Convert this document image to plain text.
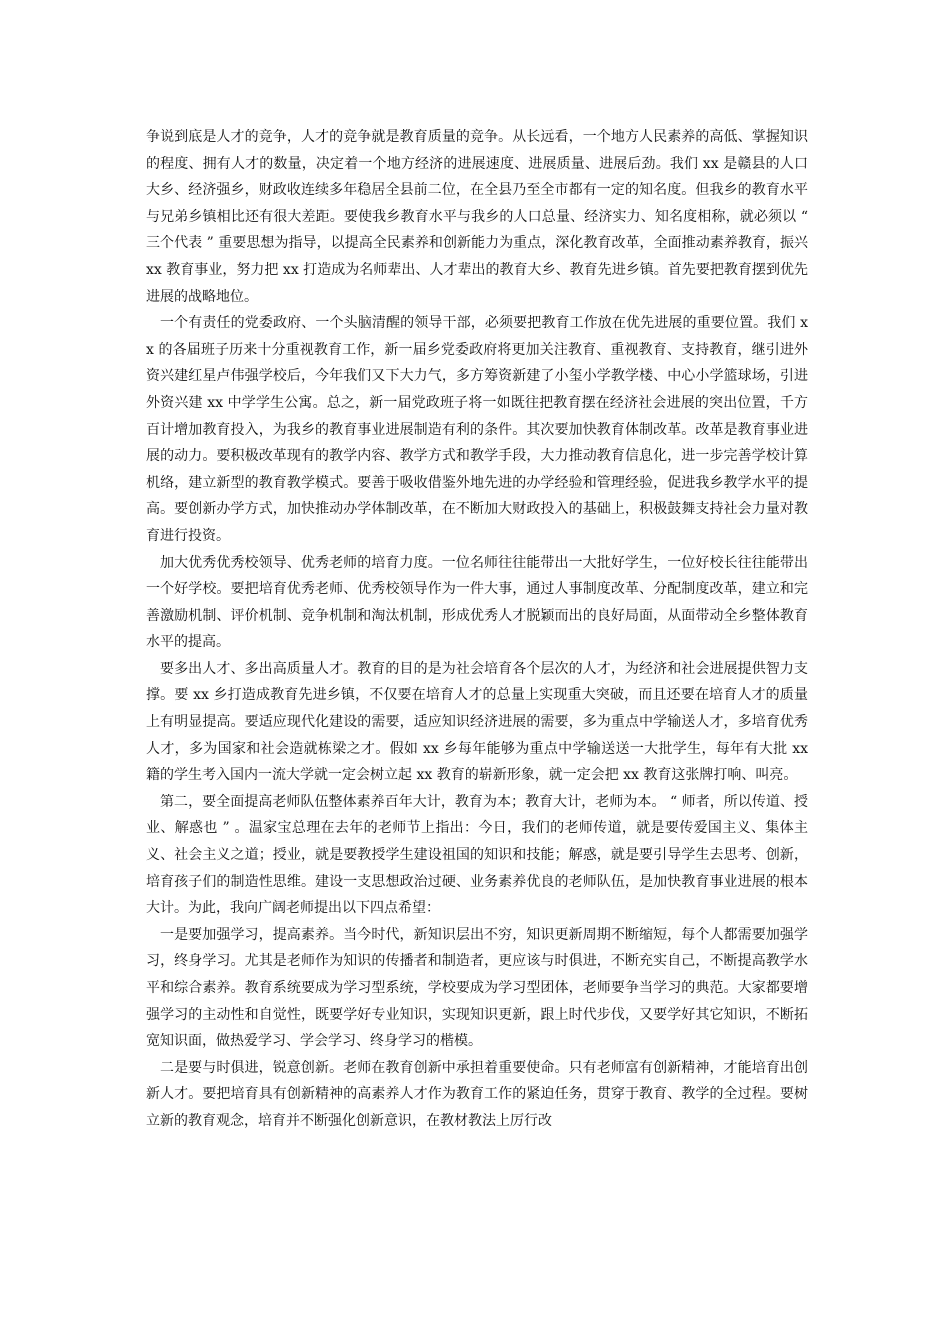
争说到底是人才的竞争，人才的竞争就是教育质量的竞争。从长远看，一个地方人民素养的高低、掌握知识的程度、拥有人才的数量，决定着一个地方经济的进展速度、进展质量、进展后劲。我们 xx 是赣县的人口大乡、经济强乡，财政收连续多年稳居全县前二位，在全县乃至全市都有一定的知名度。但我乡的教育水平与兄弟乡镇相比还有很大差距。要使我乡教育水平与我乡的人口总量、经济实力、知名度相称，就必须以 “ 三个代表 ” 重要思想为指导，以提高全民素养和创新能力为重点，深化教育改革，全面推动素养教育，振兴 xx 教育事业，努力把 xx 打造成为名师辈出、人才辈出的教育大乡、教育先进乡镇。首先要把教育摆到优先进展的战略地位。

一个有责任的党委政府、一个头脑清醒的领导干部，必须要把教育工作放在优先进展的重要位置。我们 xx 的各届班子历来十分重视教育工作，新一届乡党委政府将更加关注教育、重视教育、支持教育，继引进外资兴建红星卢伟强学校后，今年我们又下大力气，多方筹资新建了小玺小学教学楼、中心小学篮球场，引进外资兴建 xx 中学学生公寓。总之，新一届党政班子将一如既往把教育摆在经济社会进展的突出位置，千方百计增加教育投入，为我乡的教育事业进展制造有利的条件。其次要加快教育体制改革。改革是教育事业进展的动力。要积极改革现有的教学内容、教学方式和教学手段，大力推动教育信息化，进一步完善学校计算机络，建立新型的教育教学模式。要善于吸收借鉴外地先进的办学经验和管理经验，促进我乡教学水平的提高。要创新办学方式，加快推动办学体制改革，在不断加大财政投入的基础上，积极鼓舞支持社会力量对教育进行投资。

加大优秀优秀校领导、优秀老师的培育力度。一位名师往往能带出一大批好学生，一位好校长往往能带出一个好学校。要把培育优秀老师、优秀校领导作为一件大事，通过人事制度改革、分配制度改革，建立和完善激励机制、评价机制、竞争机制和淘汰机制，形成优秀人才脱颖而出的良好局面，从面带动全乡整体教育水平的提高。

要多出人才、多出高质量人才。教育的目的是为社会培育各个层次的人才，为经济和社会进展提供智力支撑。要 xx 乡打造成教育先进乡镇，不仅要在培育人才的总量上实现重大突破，而且还要在培育人才的质量上有明显提高。要适应现代化建设的需要，适应知识经济进展的需要，多为重点中学输送人才，多培育优秀人才，多为国家和社会造就栋梁之才。假如 xx 乡每年能够为重点中学输送送一大批学生，每年有大批 xx 籍的学生考入国内一流大学就一定会树立起 xx 教育的崭新形象，就一定会把 xx 教育这张牌打响、叫亮。

第二，要全面提高老师队伍整体素养百年大计，教育为本；教育大计，老师为本。 “ 师者，所以传道、授业、解惑也 ” 。温家宝总理在去年的老师节上指出：今日，我们的老师传道，就是要传爱国主义、集体主义、社会主义之道；授业，就是要教授学生建设祖国的知识和技能；解惑，就是要引导学生去思考、创新，培育孩子们的制造性思维。建设一支思想政治过硬、业务素养优良的老师队伍，是加快教育事业进展的根本大计。为此，我向广阔老师提出以下四点希望：

一是要加强学习，提高素养。当今时代，新知识层出不穷，知识更新周期不断缩短，每个人都需要加强学习，终身学习。尤其是老师作为知识的传播者和制造者，更应该与时俱进，不断充实自己，不断提高教学水平和综合素养。教育系统要成为学习型系统，学校要成为学习型团体，老师要争当学习的典范。大家都要增强学习的主动性和自觉性，既要学好专业知识，实现知识更新，跟上时代步伐，又要学好其它知识，不断拓宽知识面，做热爱学习、学会学习、终身学习的楷模。

二是要与时俱进，锐意创新。老师在教育创新中承担着重要使命。只有老师富有创新精神，才能培育出创新人才。要把培育具有创新精神的高素养人才作为教育工作的紧迫任务，贯穿于教育、教学的全过程。要树立新的教育观念，培育并不断强化创新意识，在教材教法上厉行改
